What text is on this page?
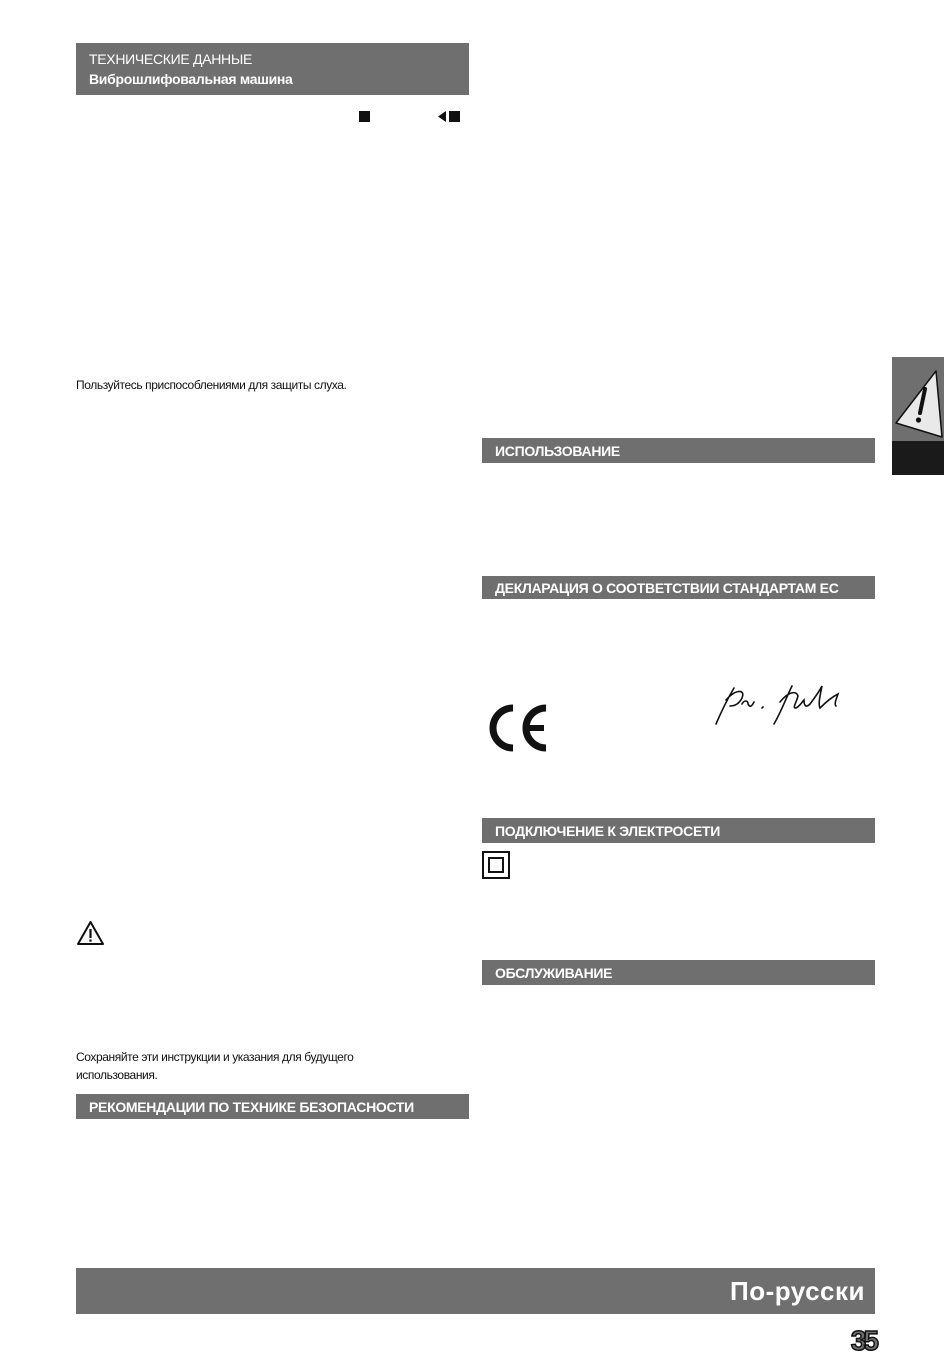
ТЕХНИЧЕСКИЕ ДАННЫЕ
Виброшлифовальная машина
Пользуйтесь приспособлениями для защиты слуха.
Сохраняйте эти инструкции и указания для будущего использования.
РЕКОМЕНДАЦИИ ПО ТЕХНИКЕ БЕЗОПАСНОСТИ
ИСПОЛЬЗОВАНИЕ
ДЕКЛАРАЦИЯ О СООТВЕТСТВИИ СТАНДАРТАМ ЕС
ПОДКЛЮЧЕНИЕ К ЭЛЕКТРОСЕТИ
ОБСЛУЖИВАНИЕ
По-русски
35
